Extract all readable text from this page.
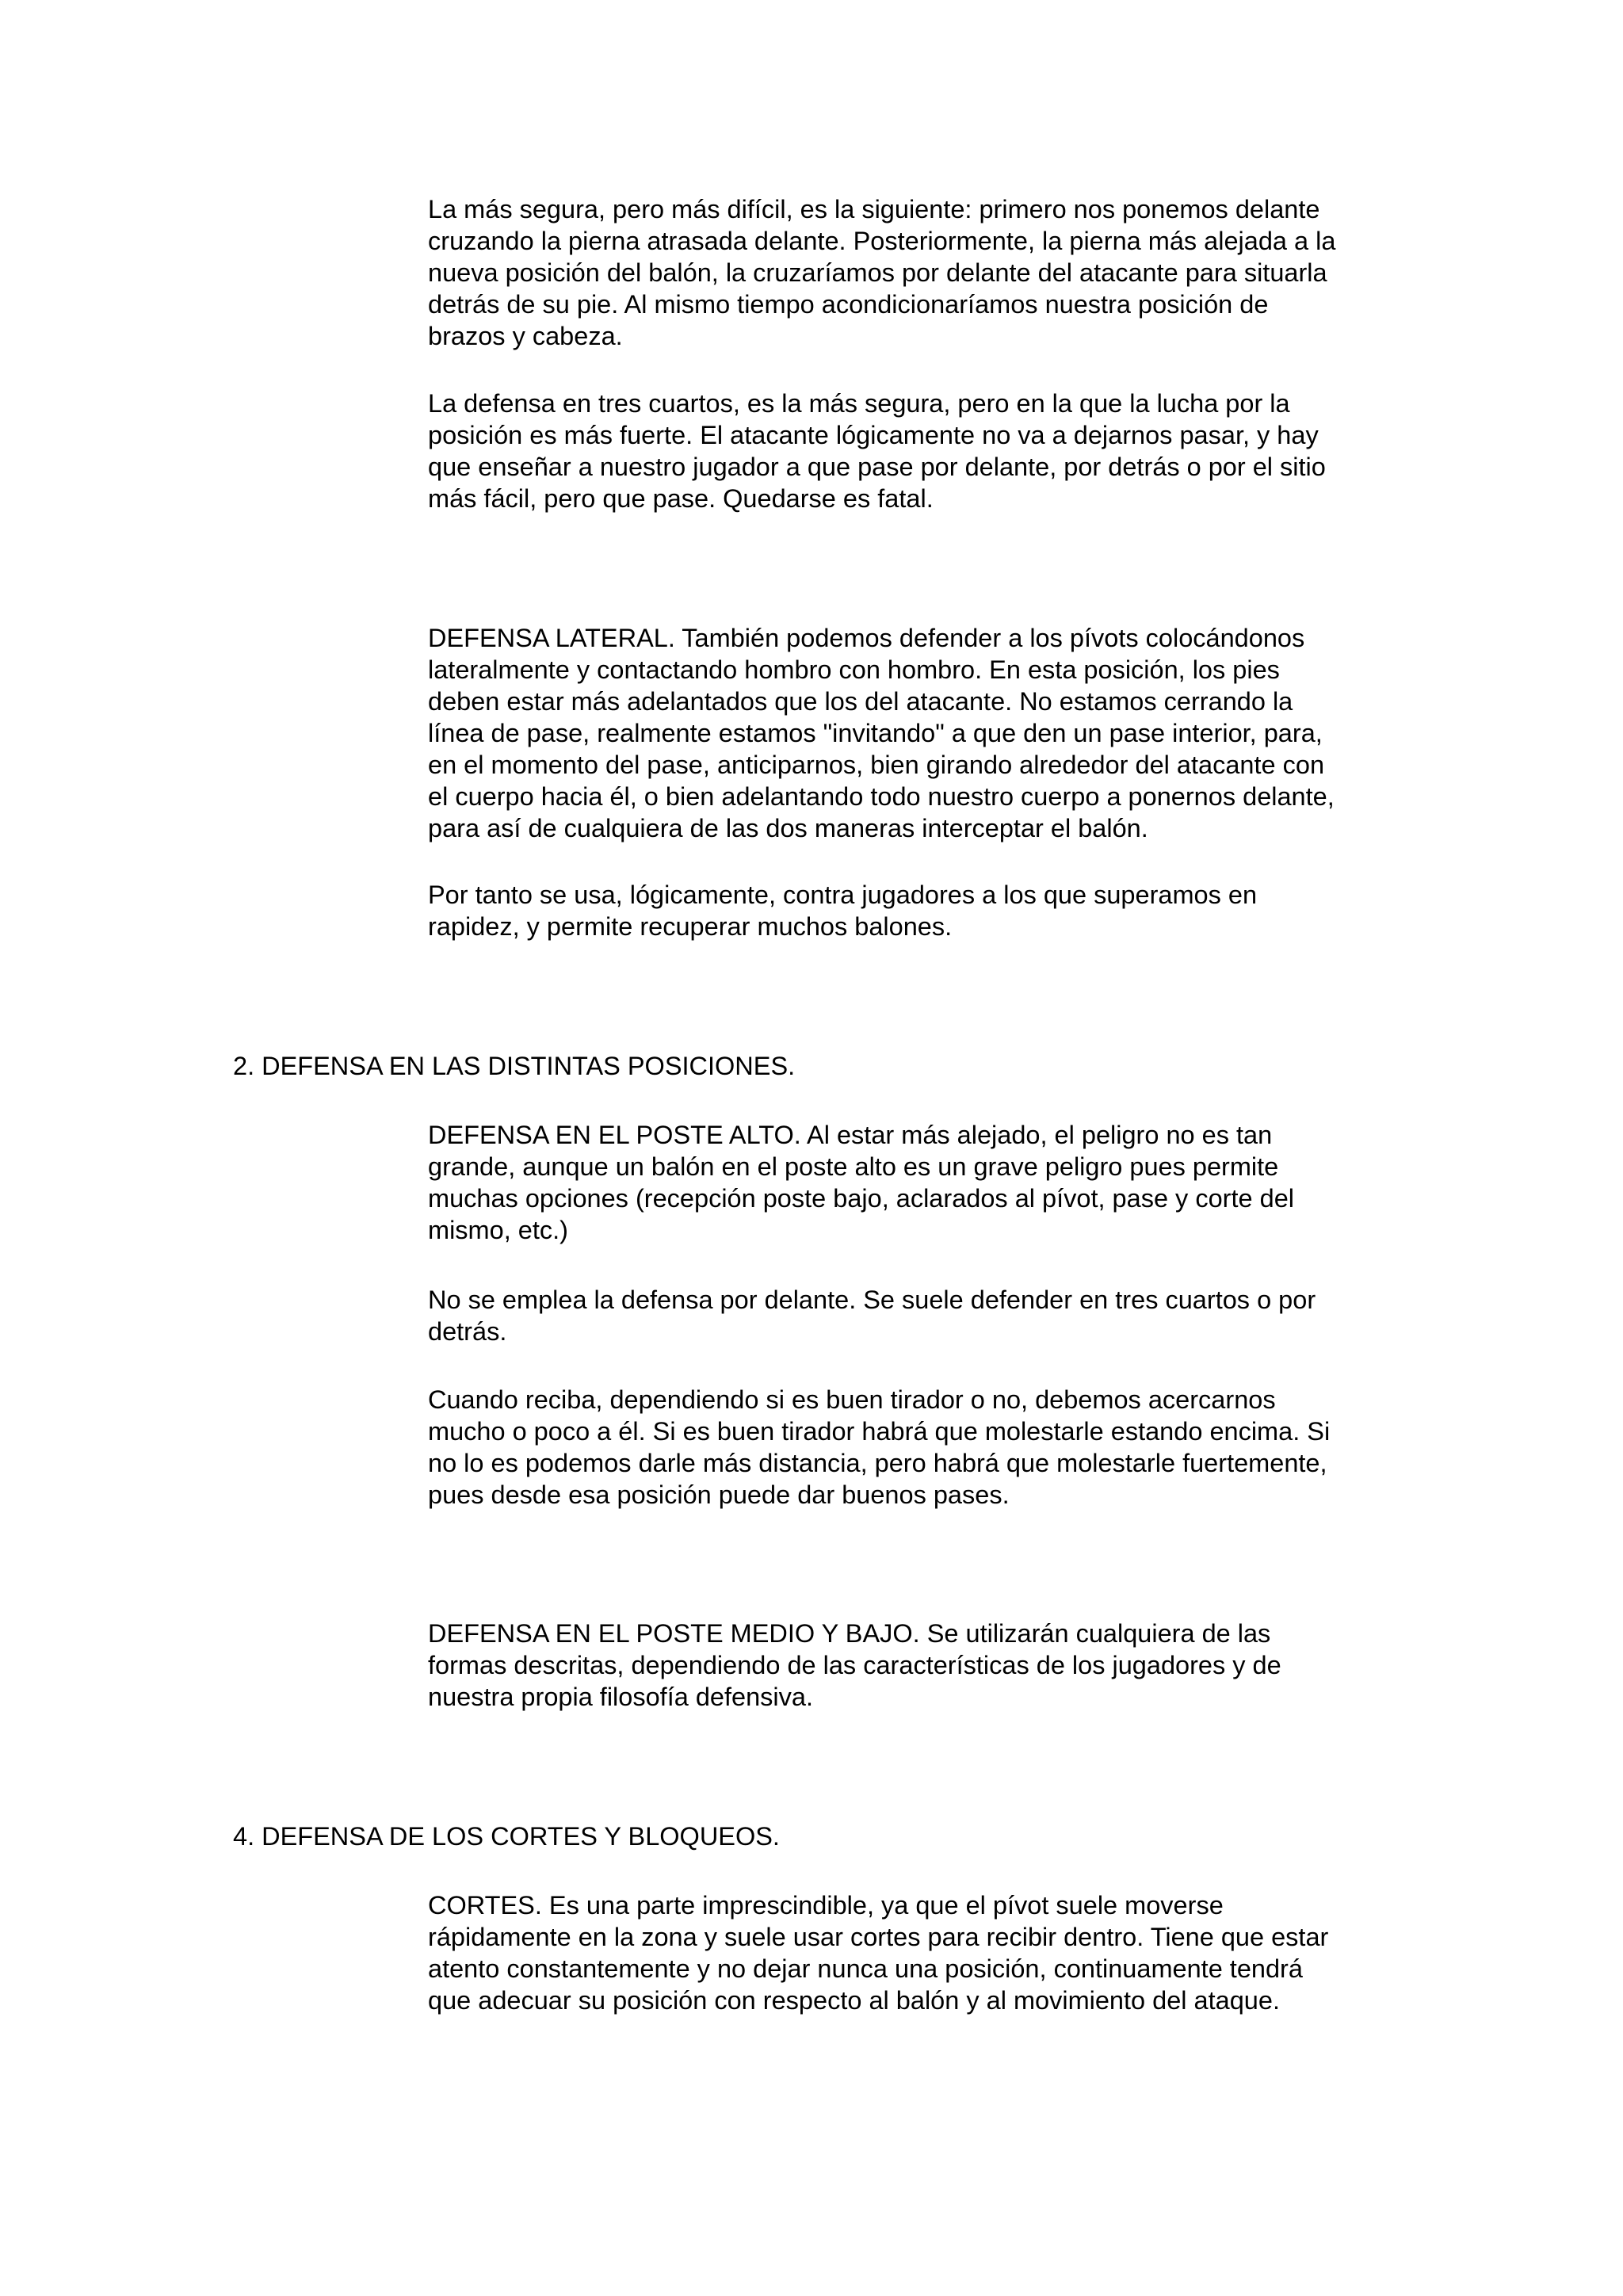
La más segura, pero más difícil, es la siguiente: primero nos ponemos delante
cruzando la pierna atrasada delante. Posteriormente, la pierna más alejada a la
nueva posición del balón, la cruzaríamos por delante del atacante para situarla
detrás de su pie. Al mismo tiempo acondicionaríamos nuestra posición de
brazos y cabeza.
La defensa en tres cuartos, es la más segura, pero en la que la lucha por la
posición es más fuerte. El atacante lógicamente no va a dejarnos pasar, y hay
que enseñar a nuestro jugador a que pase por delante, por detrás o por el sitio
más fácil, pero que pase. Quedarse es fatal.
DEFENSA LATERAL. También podemos defender a los pívots colocándonos
lateralmente y contactando hombro con hombro. En esta posición, los pies
deben estar más adelantados que los del atacante. No estamos cerrando la
línea de pase, realmente estamos "invitando" a que den un pase interior, para,
en el momento del pase, anticiparnos, bien girando alrededor del atacante con
el cuerpo hacia él, o bien adelantando todo nuestro cuerpo a ponernos delante,
para así de cualquiera de las dos maneras interceptar el balón.
Por tanto se usa, lógicamente, contra jugadores a los que superamos en
rapidez, y permite recuperar muchos balones.
2. DEFENSA EN LAS DISTINTAS POSICIONES.
DEFENSA EN EL POSTE ALTO. Al estar más alejado, el peligro no es tan
grande, aunque un balón en el poste alto es un grave peligro pues permite
muchas opciones (recepción poste bajo, aclarados al pívot, pase y corte del
mismo, etc.)
No se emplea la defensa por delante. Se suele defender en tres cuartos o por
detrás.
Cuando reciba, dependiendo si es buen tirador o no, debemos acercarnos
mucho o poco a él. Si es buen tirador habrá que molestarle estando encima. Si
no lo es podemos darle más distancia, pero habrá que molestarle fuertemente,
pues desde esa posición puede dar buenos pases.
DEFENSA EN EL POSTE MEDIO Y BAJO. Se utilizarán cualquiera de las
formas descritas, dependiendo de las características de los jugadores y de
nuestra propia filosofía defensiva.
4. DEFENSA DE LOS CORTES Y BLOQUEOS.
CORTES. Es una parte imprescindible, ya que el pívot suele moverse
rápidamente en la zona y suele usar cortes para recibir dentro. Tiene que estar
atento constantemente y no dejar nunca una posición, continuamente tendrá
que adecuar su posición con respecto al balón y al movimiento del ataque.
